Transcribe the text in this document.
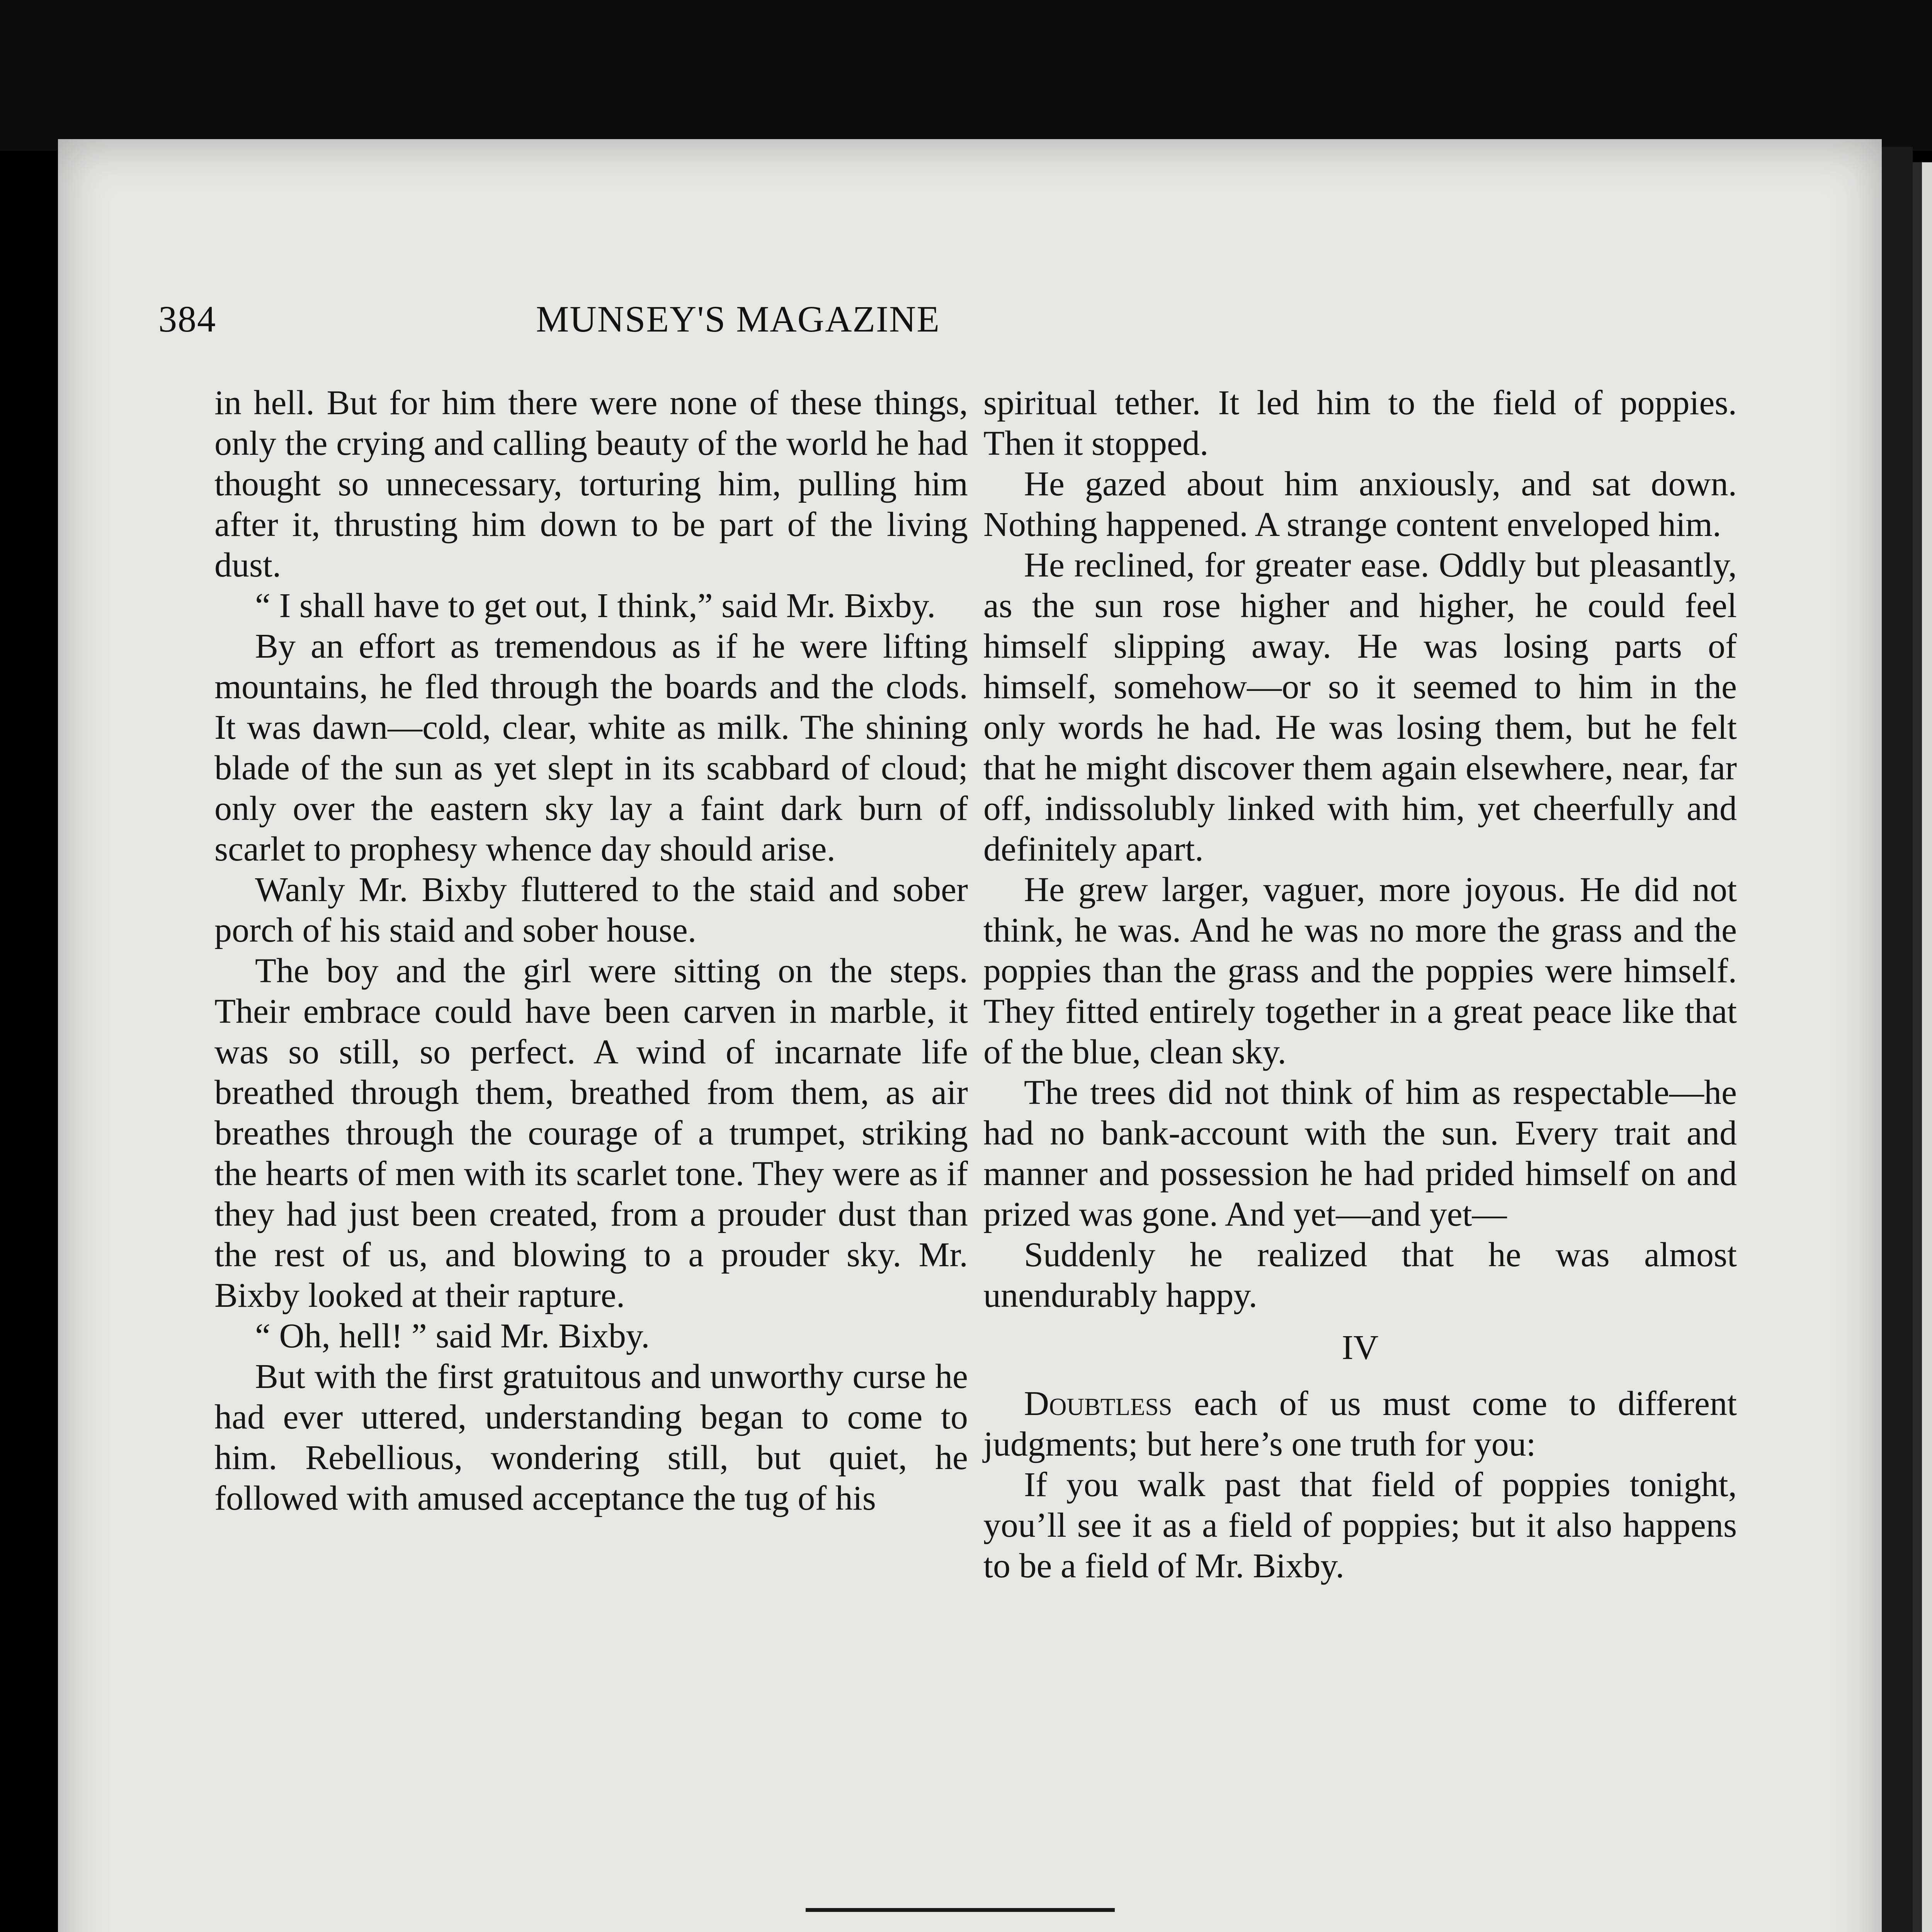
384	MUNSEY'S MAGAZINE

in hell. But for him there were none of these things, only the crying and calling beauty of the world he had thought so unnecessary, torturing him, pulling him after it, thrusting him down to be part of the living dust.

“ I shall have to get out, I think,” said Mr. Bixby.

By an effort as tremendous as if he were lifting mountains, he fled through the boards and the clods. It was dawn—cold, clear, white as milk. The shining blade of the sun as yet slept in its scabbard of cloud; only over the eastern sky lay a faint dark burn of scarlet to prophesy whence day should arise.

Wanly Mr. Bixby fluttered to the staid and sober porch of his staid and sober house.

The boy and the girl were sitting on the steps. Their embrace could have been carven in marble, it was so still, so perfect. A wind of incarnate life breathed through them, breathed from them, as air breathes through the courage of a trumpet, striking the hearts of men with its scarlet tone. They were as if they had just been created, from a prouder dust than the rest of us, and blowing to a prouder sky. Mr. Bixby looked at their rapture.

“ Oh, hell! ” said Mr. Bixby.

But with the first gratuitous and unworthy curse he had ever uttered, understanding began to come to him. Rebellious, wondering still, but quiet, he followed with amused acceptance the tug of his

spiritual tether. It led him to the field of poppies. Then it stopped.

He gazed about him anxiously, and sat down. Nothing happened. A strange content enveloped him.

He reclined, for greater ease. Oddly but pleasantly, as the sun rose higher and higher, he could feel himself slipping away. He was losing parts of himself, somehow—or so it seemed to him in the only words he had. He was losing them, but he felt that he might discover them again elsewhere, near, far off, indissolubly linked with him, yet cheerfully and definitely apart.

He grew larger, vaguer, more joyous. He did not think, he was. And he was no more the grass and the poppies than the grass and the poppies were himself. They fitted entirely together in a great peace like that of the blue, clean sky.

The trees did not think of him as respectable—he had no bank-account with the sun. Every trait and manner and possession he had prided himself on and prized was gone. And yet—and yet—

Suddenly he realized that he was almost unendurably happy.

IV

Doubtless each of us must come to different judgments; but here’s one truth for you:

If you walk past that field of poppies tonight, you’ll see it as a field of poppies; but it also happens to be a field of Mr. Bixby.
